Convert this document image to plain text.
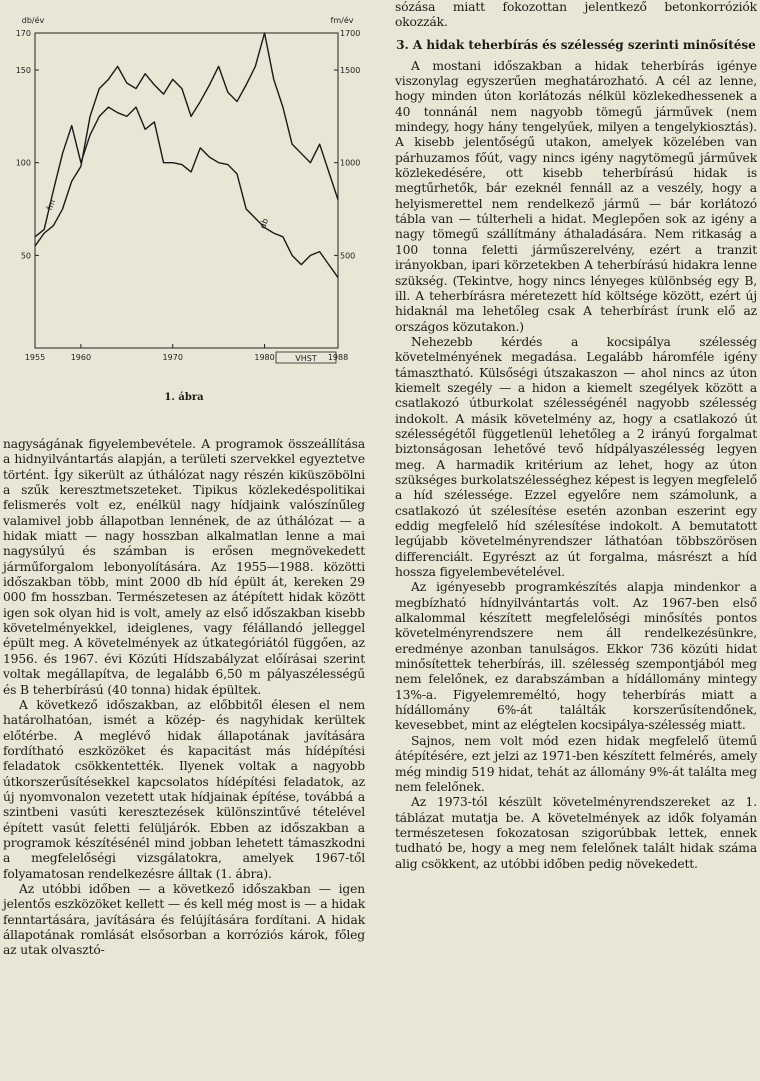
170
150
100
50
1700
1500
1000
500
1955	1960	1970	1980	1988
db/év	fm/év
db
fm
VHST
1. ábra

nagyságának figyelembevétele. A programok összeállítása a hidnyilvántartás alapján, a területi szervekkel egyeztetve történt. Így sikerült az úthálózat nagy részén kiküszöbölni a szűk keresztmetszeteket. Tipikus közlekedéspolitikai felismerés volt ez, enélkül nagy hídjaink valószínűleg valamivel jobb állapotban lennének, de az úthálózat — a hidak miatt — nagy hosszban alkalmatlan lenne a mai nagysúlyú és számban is erősen megnövekedett járműforgalom lebonyolítására. Az 1955—1988. közötti időszakban több, mint 2000 db híd épült át, kereken 29 000 fm hosszban. Természetesen az átépített hidak között igen sok olyan hid is volt, amely az első időszakban kisebb követelményekkel, ideiglenes, vagy félállandó jelleggel épült meg. A követelmények az útkategóriától függően, az 1956. és 1967. évi Közúti Hídszabályzat előírásai szerint voltak megállapítva, de legalább 6,50 m pályaszélességű és B teherbírású (40 tonna) hidak épültek.

A következő időszakban, az előbbitől élesen el nem határolhatóan, ismét a közép- és nagyhidak kerültek előtérbe. A meglévő hidak állapotának javítására fordítható eszközöket és kapacitást más hídépítési feladatok csökkentették. Ilyenek voltak a nagyobb útkorszerűsítésekkel kapcsolatos hídépítési feladatok, az új nyomvonalon vezetett utak hídjainak építése, továbbá a szintbeni vasúti keresztezések különszintűvé tételével épített vasút feletti felüljárók. Ebben az időszakban a programok készítésénél mind jobban lehetett támaszkodni a megfelelőségi vizsgálatokra, amelyek 1967-től folyamatosan rendelkezésre álltak (1. ábra).

Az utóbbi időben — a következő időszakban — igen jelentős eszközöket kellett — és kell még most is — a hidak fenntartására, javítására és felújítására fordítani. A hidak állapotának romlását elsősorban a korróziós károk, főleg az utak olvasztó-

sózása miatt fokozottan jelentkező betonkorróziók okozzák.

3. A hidak teherbírás és szélesség szerinti minősítése

A mostani időszakban a hidak teherbírás igénye viszonylag egyszerűen meghatározható. A cél az lenne, hogy minden úton korlátozás nélkül közlekedhessenek a 40 tonnánál nem nagyobb tömegű járművek (nem mindegy, hogy hány tengelyűek, milyen a tengelykiosztás). A kisebb jelentőségű utakon, amelyek közelében van párhuzamos főút, vagy nincs igény nagytömegű járművek közlekedésére, ott kisebb teherbírású hidak is megtűrhetők, bár ezeknél fennáll az a veszély, hogy a helyismerettel nem rendelkező jármű — bár korlátozó tábla van — túlterheli a hidat. Meglepően sok az igény a nagy tömegű szállítmány áthaladására. Nem ritkaság a 100 tonna feletti járműszerelvény, ezért a tranzit irányokban, ipari körzetekben A teherbírású hidakra lenne szükség. (Tekintve, hogy nincs lényeges különbség egy B, ill. A teherbírásra méretezett híd költsége között, ezért új hidaknál ma lehetőleg csak A teherbírást írunk elő az országos közutakon.)

Nehezebb kérdés a kocsipálya szélesség követelményének megadása. Legalább háromféle igény támasztható. Külsőségi útszakaszon — ahol nincs az úton kiemelt szegély — a hidon a kiemelt szegélyek között a csatlakozó útburkolat szélességénél nagyobb szélesség indokolt. A másik követelmény az, hogy a csatlakozó út szélességétől függetlenül lehetőleg a 2 irányú forgalmat biztonságosan lehetővé tevő hídpályaszélesség legyen meg. A harmadik kritérium az lehet, hogy az úton szükséges burkolatszélességhez képest is legyen megfelelő a híd szélessége. Ezzel egyelőre nem számolunk, a csatlakozó út szélesítése esetén azonban eszerint egy eddig megfelelő híd szélesítése indokolt. A bemutatott legújabb követelményrendszer láthatóan többszörösen differenciált. Egyrészt az út forgalma, másrészt a híd hossza figyelembevételével.

Az igényesebb programkészítés alapja mindenkor a megbízható hídnyilvántartás volt. Az 1967-ben első alkalommal készített megfelelőségi minősítés pontos követelményrendszere nem áll rendelkezésünkre, eredménye azonban tanulságos. Ekkor 736 közúti hidat minősítettek teherbírás, ill. szélesség szempontjából meg nem felelőnek, ez darabszámban a hídállomány mintegy 13%-a. Figyelemreméltó, hogy teherbírás miatt a hídállomány 6%-át találták korszerűsítendőnek, kevesebbet, mint az elégtelen kocsipálya-szélesség miatt.

Sajnos, nem volt mód ezen hidak megfelelő ütemű átépítésére, ezt jelzi az 1971-ben készített felmérés, amely még mindig 519 hidat, tehát az állomány 9%-át találta meg nem felelőnek.

Az 1973-tól készült követelményrendszereket az 1. táblázat mutatja be. A követelmények az idők folyamán természetesen fokozatosan szigorúbbak lettek, ennek tudható be, hogy a meg nem felelőnek talált hidak száma alig csökkent, az utóbbi időben pedig növekedett.
